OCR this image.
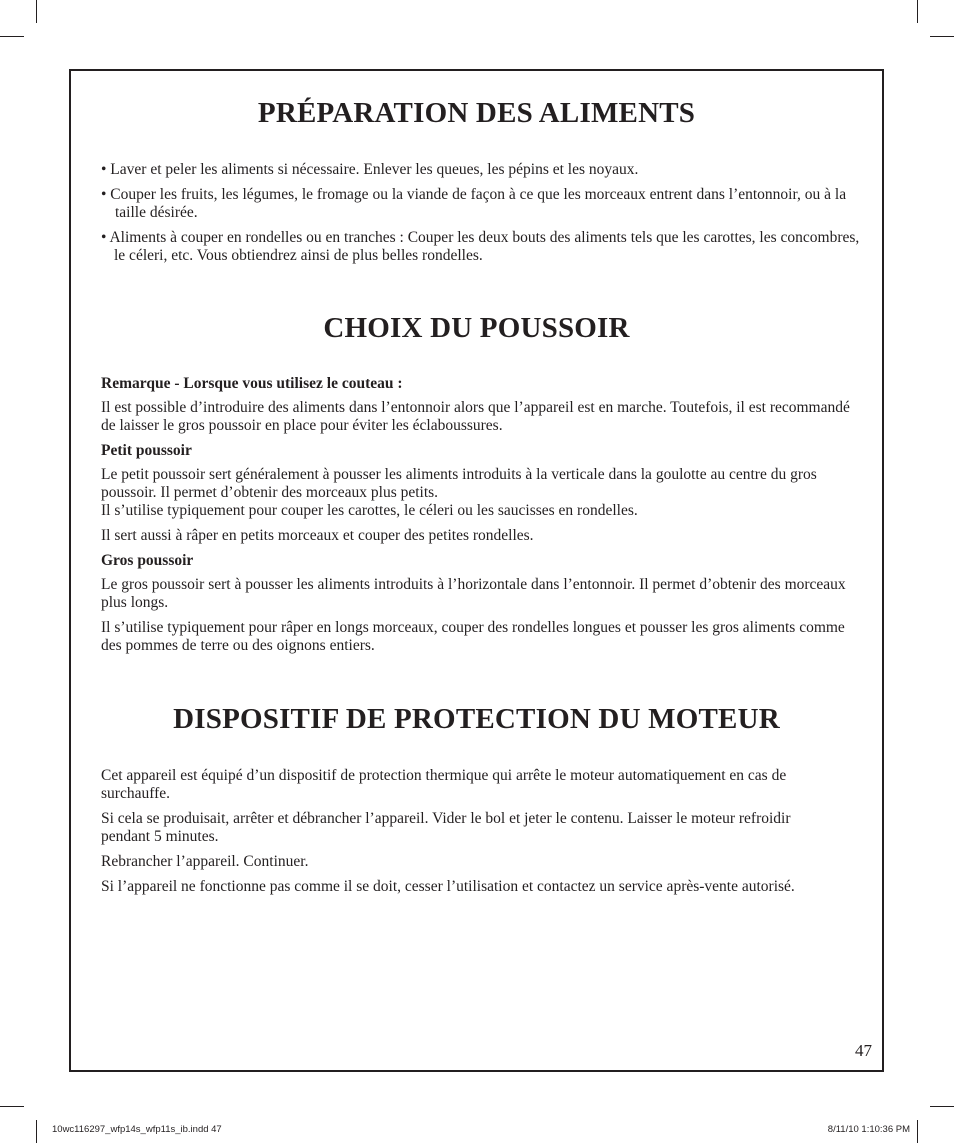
PRÉPARATION DES ALIMENTS
• Laver et peler les aliments si nécessaire. Enlever les queues, les pépins et les noyaux.
• Couper les fruits, les légumes, le fromage ou la viande de façon à ce que les morceaux entrent dans l’entonnoir, ou à la taille désirée.
• Aliments à couper en rondelles ou en tranches : Couper les deux bouts des aliments tels que les carottes, les concombres, le céleri, etc. Vous obtiendrez ainsi de plus belles rondelles.
CHOIX DU POUSSOIR
Remarque - Lorsque vous utilisez le couteau :

Il est possible d’introduire des aliments dans l’entonnoir alors que l’appareil est en marche. Toutefois, il est recommandé de laisser le gros poussoir en place pour éviter les éclaboussures.

Petit poussoir

Le petit poussoir sert généralement à pousser les aliments introduits à la verticale dans la goulotte au centre du gros poussoir. Il permet d’obtenir des morceaux plus petits.

Il s’utilise typiquement pour couper les carottes, le céleri ou les saucisses en rondelles.

Il sert aussi à râper en petits morceaux et couper des petites rondelles.

Gros poussoir

Le gros poussoir sert à pousser les aliments introduits à l’horizontale dans l’entonnoir. Il permet d’obtenir des morceaux plus longs.

Il s’utilise typiquement pour râper en longs morceaux, couper des rondelles longues et pousser les gros aliments comme des pommes de terre ou des oignons entiers.

DISPOSITIF DE PROTECTION DU MOTEUR

Cet appareil est équipé d’un dispositif de protection thermique qui arrête le moteur automatiquement en cas de surchauffe.

Si cela se produisait, arrêter et débrancher l’appareil. Vider le bol et jeter le contenu. Laisser le moteur refroidir pendant 5 minutes.

Rebrancher l’appareil. Continuer.

Si l’appareil ne fonctionne pas comme il se doit, cesser l’utilisation et contactez un service après-vente autorisé.

47
10wc116297_wfp14s_wfp11s_ib.indd 47	8/11/10 1:10:36 PM
